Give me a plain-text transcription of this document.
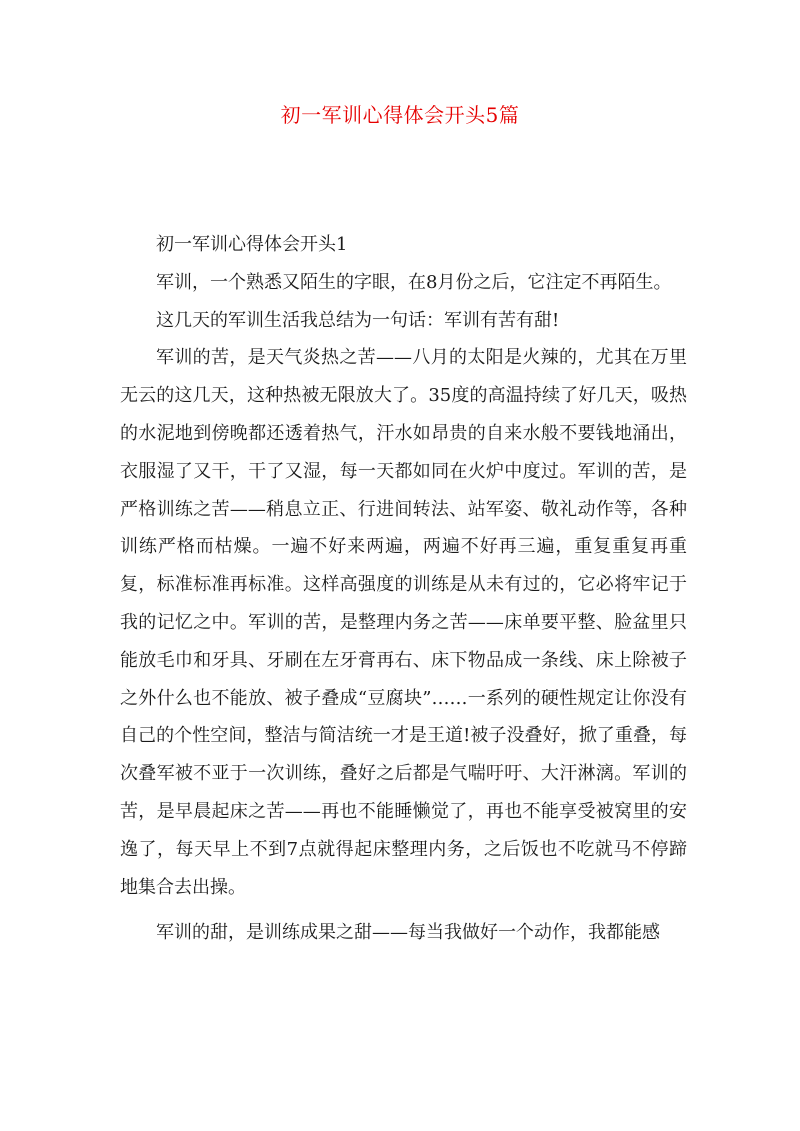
初一军训心得体会开头5篇

初一军训心得体会开头1

军训，一个熟悉又陌生的字眼，在8月份之后，它注定不再陌生。

这几天的军训生活我总结为一句话：军训有苦有甜!

军训的苦，是天气炎热之苦——八月的太阳是火辣的，尤其在万里无云的这几天，这种热被无限放大了。35度的高温持续了好几天，吸热的水泥地到傍晚都还透着热气，汗水如昂贵的自来水般不要钱地涌出，衣服湿了又干，干了又湿，每一天都如同在火炉中度过。军训的苦，是严格训练之苦——稍息立正、行进间转法、站军姿、敬礼动作等，各种训练严格而枯燥。一遍不好来两遍，两遍不好再三遍，重复重复再重复，标准标准再标准。这样高强度的训练是从未有过的，它必将牢记于我的记忆之中。军训的苦，是整理内务之苦——床单要平整、脸盆里只能放毛巾和牙具、牙刷在左牙膏再右、床下物品成一条线、床上除被子之外什么也不能放、被子叠成“豆腐块”……一系列的硬性规定让你没有自己的个性空间，整洁与简洁统一才是王道!被子没叠好，掀了重叠，每次叠军被不亚于一次训练，叠好之后都是气喘吁吁、大汗淋漓。军训的苦，是早晨起床之苦——再也不能睡懒觉了，再也不能享受被窝里的安逸了，每天早上不到7点就得起床整理内务，之后饭也不吃就马不停蹄地集合去出操。

军训的甜，是训练成果之甜——每当我做好一个动作，我都能感
